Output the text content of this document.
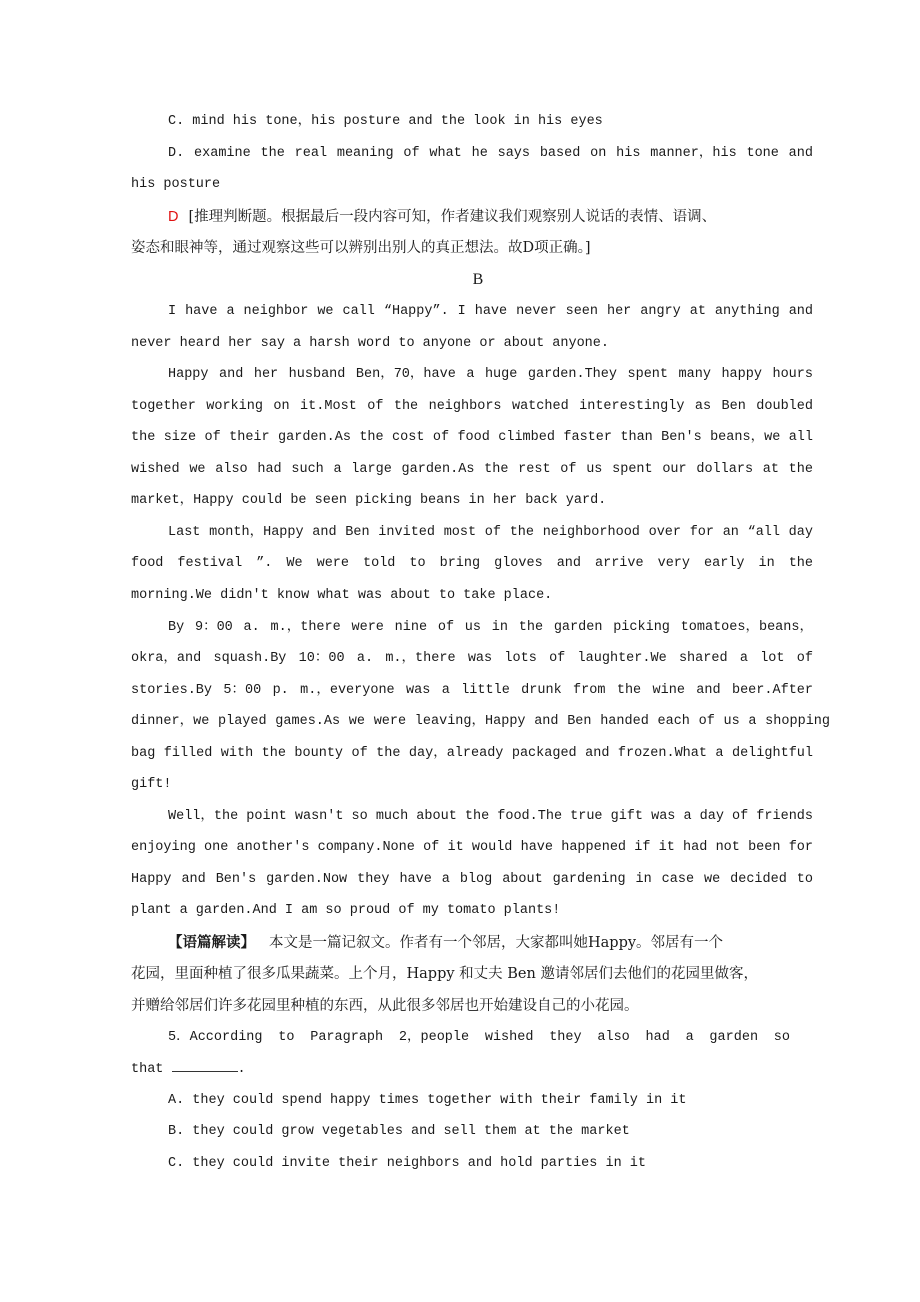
C. mind his tone，his posture and the look in his eyes
D. examine the real meaning of what he says based on his manner，his tone and
his posture
D [推理判断题。根据最后一段内容可知，作者建议我们观察别人说话的表情、语调、
姿态和眼神等，通过观察这些可以辨别出别人的真正想法。故D项正确。]
B
I have a neighbor we call “Happy”. I have never seen her angry at anything and
never heard her say a harsh word to anyone or about anyone.
Happy and her husband Ben，70，have a huge garden.They spent many happy hours
together working on it.Most of the neighbors watched interestingly as Ben doubled
the size of their garden.As the cost of food climbed faster than Ben's beans，we all
wished we also had such a large garden.As the rest of us spent our dollars at the
market，Happy could be seen picking beans in her back yard.
Last month，Happy and Ben invited most of the neighborhood over for an “all day
food festival ”. We were told to bring gloves and arrive very early in the
morning.We didn't know what was about to take place.
By 9：00 a. m.，there were nine of us in the garden picking tomatoes，beans，
okra，and squash.By 10：00 a. m.，there was lots of laughter.We shared a lot of
stories.By 5：00 p. m.，everyone was a little drunk from the wine and beer.After
dinner，we played games.As we were leaving，Happy and Ben handed each of us a shopping
bag filled with the bounty of the day，already packaged and frozen.What a delightful
gift!
Well，the point wasn't so much about the food.The true gift was a day of friends
enjoying one another's company.None of it would have happened if it had not been for
Happy and Ben's garden.Now they have a blog about gardening in case we decided to
plant a garden.And I am so proud of my tomato plants!
【语篇解读】 本文是一篇记叙文。作者有一个邻居，大家都叫她Happy。邻居有一个
花园，里面种植了很多瓜果蔬菜。上个月，Happy 和丈夫 Ben 邀请邻居们去他们的花园里做客，
并赠给邻居们许多花园里种植的东西，从此很多邻居也开始建设自己的小花园。
5．According to Paragraph 2，people wished they also had a garden so
that	.
A. they could spend happy times together with their family in it
B. they could grow vegetables and sell them at the market
C. they could invite their neighbors and hold parties in it
